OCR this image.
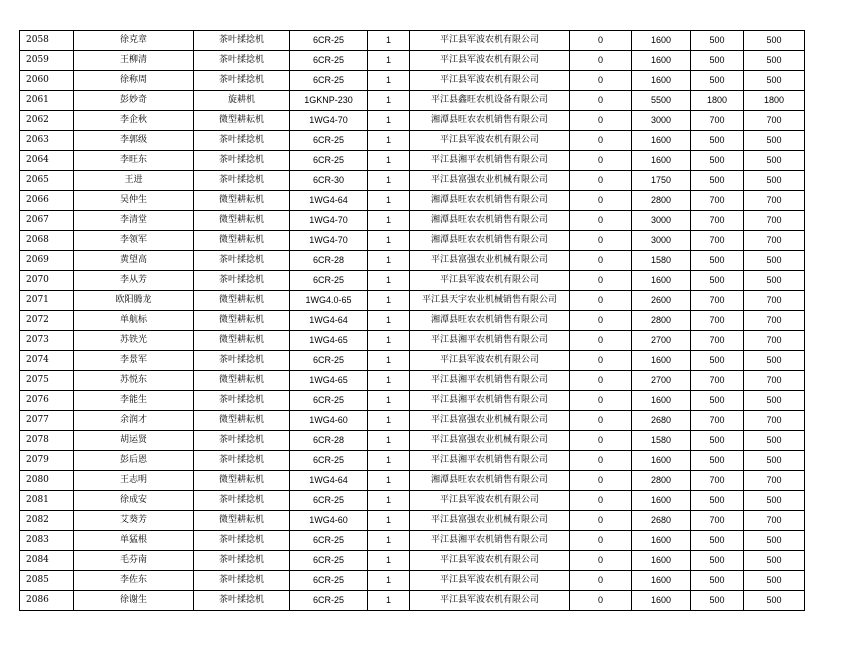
2058	徐克章	茶叶揉捻机	6CR-25	1	平江县军波农机有限公司	0	1600	500	500
2059	王柳清	茶叶揉捻机	6CR-25	1	平江县军波农机有限公司	0	1600	500	500
2060	徐称周	茶叶揉捻机	6CR-25	1	平江县军波农机有限公司	0	1600	500	500
2061	彭妙奇	旋耕机	1GKNP-230	1	平江县鑫旺农机设备有限公司	0	5500	1800	1800
2062	李企秋	微型耕耘机	1WG4-70	1	湘潭县旺农农机销售有限公司	0	3000	700	700
2063	李郭级	茶叶揉捻机	6CR-25	1	平江县军波农机有限公司	0	1600	500	500
2064	李旺东	茶叶揉捻机	6CR-25	1	平江县湘平农机销售有限公司	0	1600	500	500
2065	王进	茶叶揉捻机	6CR-30	1	平江县富强农业机械有限公司	0	1750	500	500
2066	吴仲生	微型耕耘机	1WG4-64	1	湘潭县旺农农机销售有限公司	0	2800	700	700
2067	李清堂	微型耕耘机	1WG4-70	1	湘潭县旺农农机销售有限公司	0	3000	700	700
2068	李领军	微型耕耘机	1WG4-70	1	湘潭县旺农农机销售有限公司	0	3000	700	700
2069	黄望高	茶叶揉捻机	6CR-28	1	平江县富强农业机械有限公司	0	1580	500	500
2070	李从芳	茶叶揉捻机	6CR-25	1	平江县军波农机有限公司	0	1600	500	500
2071	欧阳腾龙	微型耕耘机	1WG4.0-65	1	平江县天宇农业机械销售有限公司	0	2600	700	700
2072	单航标	微型耕耘机	1WG4-64	1	湘潭县旺农农机销售有限公司	0	2800	700	700
2073	苏铁光	微型耕耘机	1WG4-65	1	平江县湘平农机销售有限公司	0	2700	700	700
2074	李景军	茶叶揉捻机	6CR-25	1	平江县军波农机有限公司	0	1600	500	500
2075	苏悦东	微型耕耘机	1WG4-65	1	平江县湘平农机销售有限公司	0	2700	700	700
2076	李能生	茶叶揉捻机	6CR-25	1	平江县湘平农机销售有限公司	0	1600	500	500
2077	余润才	微型耕耘机	1WG4-60	1	平江县富强农业机械有限公司	0	2680	700	700
2078	胡运贤	茶叶揉捻机	6CR-28	1	平江县富强农业机械有限公司	0	1580	500	500
2079	彭后恩	茶叶揉捻机	6CR-25	1	平江县湘平农机销售有限公司	0	1600	500	500
2080	王志明	微型耕耘机	1WG4-64	1	湘潭县旺农农机销售有限公司	0	2800	700	700
2081	徐成安	茶叶揉捻机	6CR-25	1	平江县军波农机有限公司	0	1600	500	500
2082	艾葵芳	微型耕耘机	1WG4-60	1	平江县富强农业机械有限公司	0	2680	700	700
2083	单猛根	茶叶揉捻机	6CR-25	1	平江县湘平农机销售有限公司	0	1600	500	500
2084	毛芬南	茶叶揉捻机	6CR-25	1	平江县军波农机有限公司	0	1600	500	500
2085	李佐东	茶叶揉捻机	6CR-25	1	平江县军波农机有限公司	0	1600	500	500
2086	徐谢生	茶叶揉捻机	6CR-25	1	平江县军波农机有限公司	0	1600	500	500
